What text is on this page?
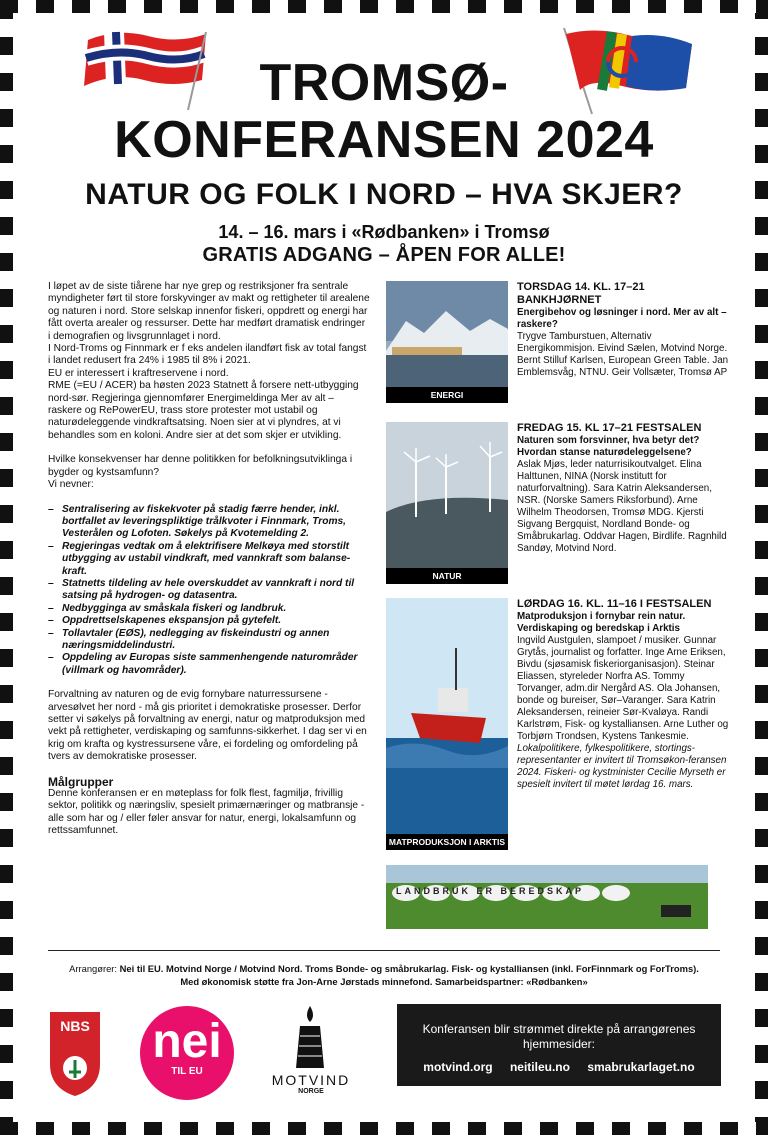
TROMSØ-
KONFERANSEN 2024
NATUR OG FOLK I NORD – HVA SKJER?
14. – 16. mars i «Rødbanken» i Tromsø
GRATIS ADGANG – ÅPEN FOR ALLE!

I løpet av de siste tiårene har nye grep og restriksjoner fra sentrale myndigheter ført til store forskyvinger av makt og rettigheter til arealene og naturen i nord. Store selskap innenfor fiskeri, oppdrett og energi har fått overta arealer og ressurser. Dette har medført dramatisk endringer i demografien og livsgrunnlaget i nord.
I Nord-Troms og Finnmark er f eks andelen ilandført fisk av total fangst i landet redusert fra 24% i 1985 til 8% i 2021.
EU er interessert i kraftreservene i nord.
RME (=EU / ACER) ba høsten 2023 Statnett å forsere nett-utbygging nord-sør. Regjeringa gjennomfører Energimeldinga Mer av alt – raskere og RePowerEU, trass store protester mot ustabil og naturødeleggende vindkraftsatsing. Noen sier at vi plyndres, at vi behandles som en koloni. Andre sier at det som skjer er utvikling.

Hvilke konsekvenser har denne politikken for befolkningsutviklinga i bygder og kystsamfunn?
Vi nevner:

– Sentralisering av fiskekvoter på stadig færre hender, inkl. bortfallet av leveringspliktige trålkvoter i Finnmark, Troms, Vesterålen og Lofoten. Søkelys på Kvotemelding 2.
– Regjeringas vedtak om å elektrifisere Melkøya med storstilt utbygging av ustabil vindkraft, med vannkraft som balanse-kraft.
– Statnetts tildeling av hele overskuddet av vannkraft i nord til satsing på hydrogen- og datasentra.
– Nedbygginga av småskala fiskeri og landbruk.
– Oppdrettselskapenes ekspansjon på gytefelt.
– Tollavtaler (EØS), nedlegging av fiskeindustri og annen næringsmiddelindustri.
– Oppdeling av Europas siste sammenhengende naturområder (villmark og havområder).

Forvaltning av naturen og de evig fornybare naturressursene - arvesølvet her nord - må gis prioritet i demokratiske prosesser. Derfor setter vi søkelys på forvaltning av energi, natur og matproduksjon med vekt på rettigheter, verdiskaping og samfunns-sikkerhet. I dag ser vi en krig om krafta og kystressursene våre, ei fordeling og omfordeling på tvers av demokratiske prosesser.

Målgrupper

Denne konferansen er en møteplass for folk flest, fagmiljø, frivillig sektor, politikk og næringsliv, spesielt primærnæringer og matbransje - alle som har og / eller føler ansvar for natur, energi, lokalsamfunn og rettssamfunnet.

ENERGI
NATUR
MATPRODUKSJON I ARKTIS
LANDBRUK ER BEREDSKAP
TORSDAG 14. KL. 17–21
BANKHJØRNET
Energibehov og løsninger i nord. Mer av alt – raskere?
Trygve Tamburstuen, Alternativ Energikommisjon. Eivind Sælen, Motvind Norge. Bernt Stilluf Karlsen, European Green Table. Jan Emblemsvåg, NTNU. Geir Vollsæter, Tromsø AP
FREDAG 15. KL 17–21 FESTSALEN
Naturen som forsvinner, hva betyr det? Hvordan stanse naturødeleggelsene?
Aslak Mjøs, leder naturrisikoutvalget. Elina Halttunen, NINA (Norsk institutt for naturforvaltning). Sara Katrin Aleksandersen, NSR. (Norske Samers Riksforbund). Arne Wilhelm Theodorsen, Tromsø MDG. Kjersti Sigvang Bergquist, Nordland Bonde- og Småbrukarlag. Oddvar Hagen, Birdlife. Ragnhild Sandøy, Motvind Nord.
LØRDAG 16. KL. 11–16 I FESTSALEN
Matproduksjon i fornybar rein natur. Verdiskaping og beredskap i Arktis
Ingvild Austgulen, slampoet / musiker. Gunnar Grytås, journalist og forfatter. Inge Arne Eriksen, Bivdu (sjøsamisk fiskeriorganisasjon). Steinar Eliassen, styreleder Norfra AS. Tommy Torvanger, adm.dir Nergård AS. Ola Johansen, bonde og bureiser, Sør–Varanger. Sara Katrin Aleksandersen, reineier Sør-Kvaløya. Randi Karlstrøm, Fisk- og kystalliansen. Arne Luther og Torbjørn Trondsen, Kystens Tankesmie.
Lokalpolitikere, fylkespolitikere, stortings-representanter er invitert til Tromsøkon-feransen 2024. Fiskeri- og kystminister Cecilie Myrseth er spesielt invitert til møtet lørdag 16. mars.
Arrangører: Nei til EU. Motvind Norge / Motvind Nord. Troms Bonde- og småbrukarlag. Fisk- og kystalliansen (inkl. ForFinnmark og ForTroms).
Med økonomisk støtte fra Jon-Arne Jørstads minnefond. Samarbeidspartner: «Rødbanken»
NBS nei
TIL EU
MOTVIND
NORGE
Konferansen blir strømmet direkte på arrangørenes hjemmesider:
motvind.org neitileu.no smabrukarlaget.no
